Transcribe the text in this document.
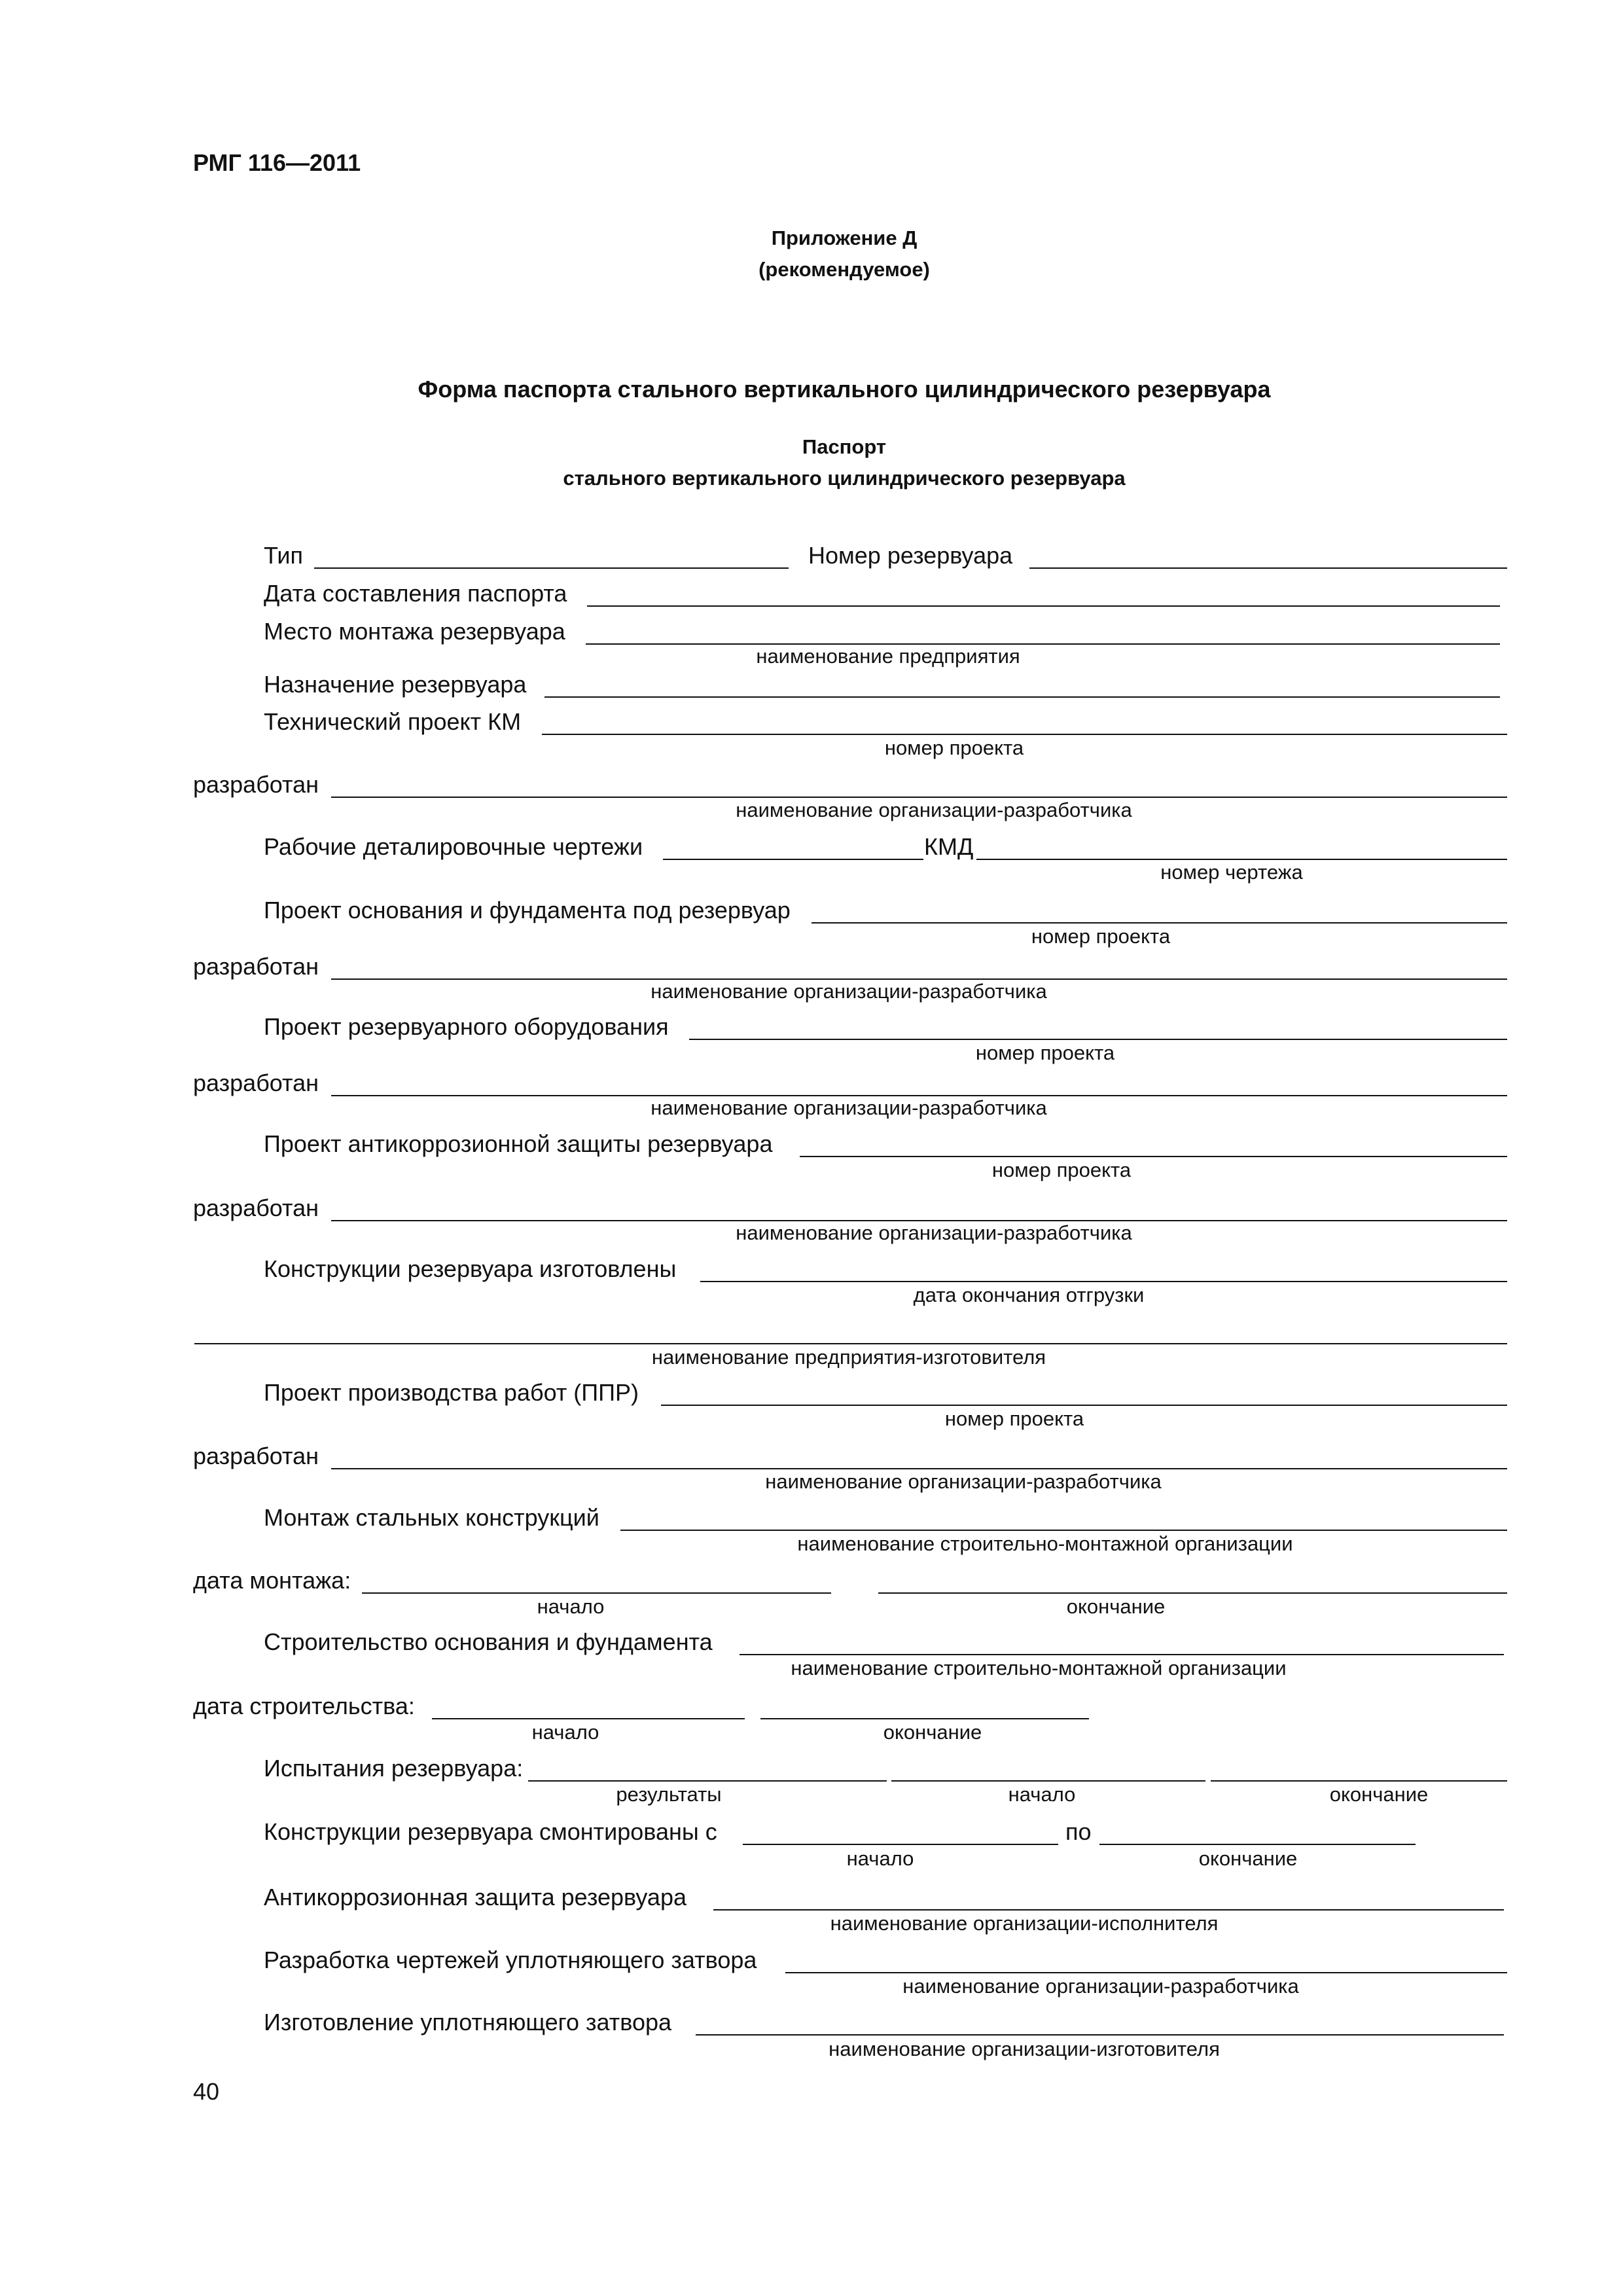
РМГ 116—2011
Приложение Д
(рекомендуемое)
Форма паспорта стального вертикального цилиндрического резервуара
Паспорт
стального вертикального цилиндрического резервуара
Тип	Номер резервуара
Дата составления паспорта
Место монтажа резервуара
наименование предприятия
Назначение резервуара
Технический проект КМ
номер проекта
разработан
наименование организации-разработчика
Рабочие деталировочные чертежи	КМД
номер чертежа
Проект основания и фундамента под резервуар
номер проекта
разработан
наименование организации-разработчика
Проект резервуарного оборудования
номер проекта
разработан
наименование организации-разработчика
Проект антикоррозионной защиты резервуара
номер проекта
разработан
наименование организации-разработчика
Конструкции резервуара изготовлены
дата окончания отгрузки
наименование предприятия-изготовителя
Проект производства работ (ППР)
номер проекта
разработан
наименование организации-разработчика
Монтаж стальных конструкций
наименование строительно-монтажной организации
дата монтажа:
начало	окончание
Строительство основания и фундамента
наименование строительно-монтажной организации
дата строительства:
начало	окончание
Испытания резервуара:
результаты	начало	окончание
Конструкции резервуара смонтированы с	по
начало	окончание
Антикоррозионная защита резервуара
наименование организации-исполнителя
Разработка чертежей уплотняющего затвора
наименование организации-разработчика
Изготовление уплотняющего затвора
наименование организации-изготовителя
40
